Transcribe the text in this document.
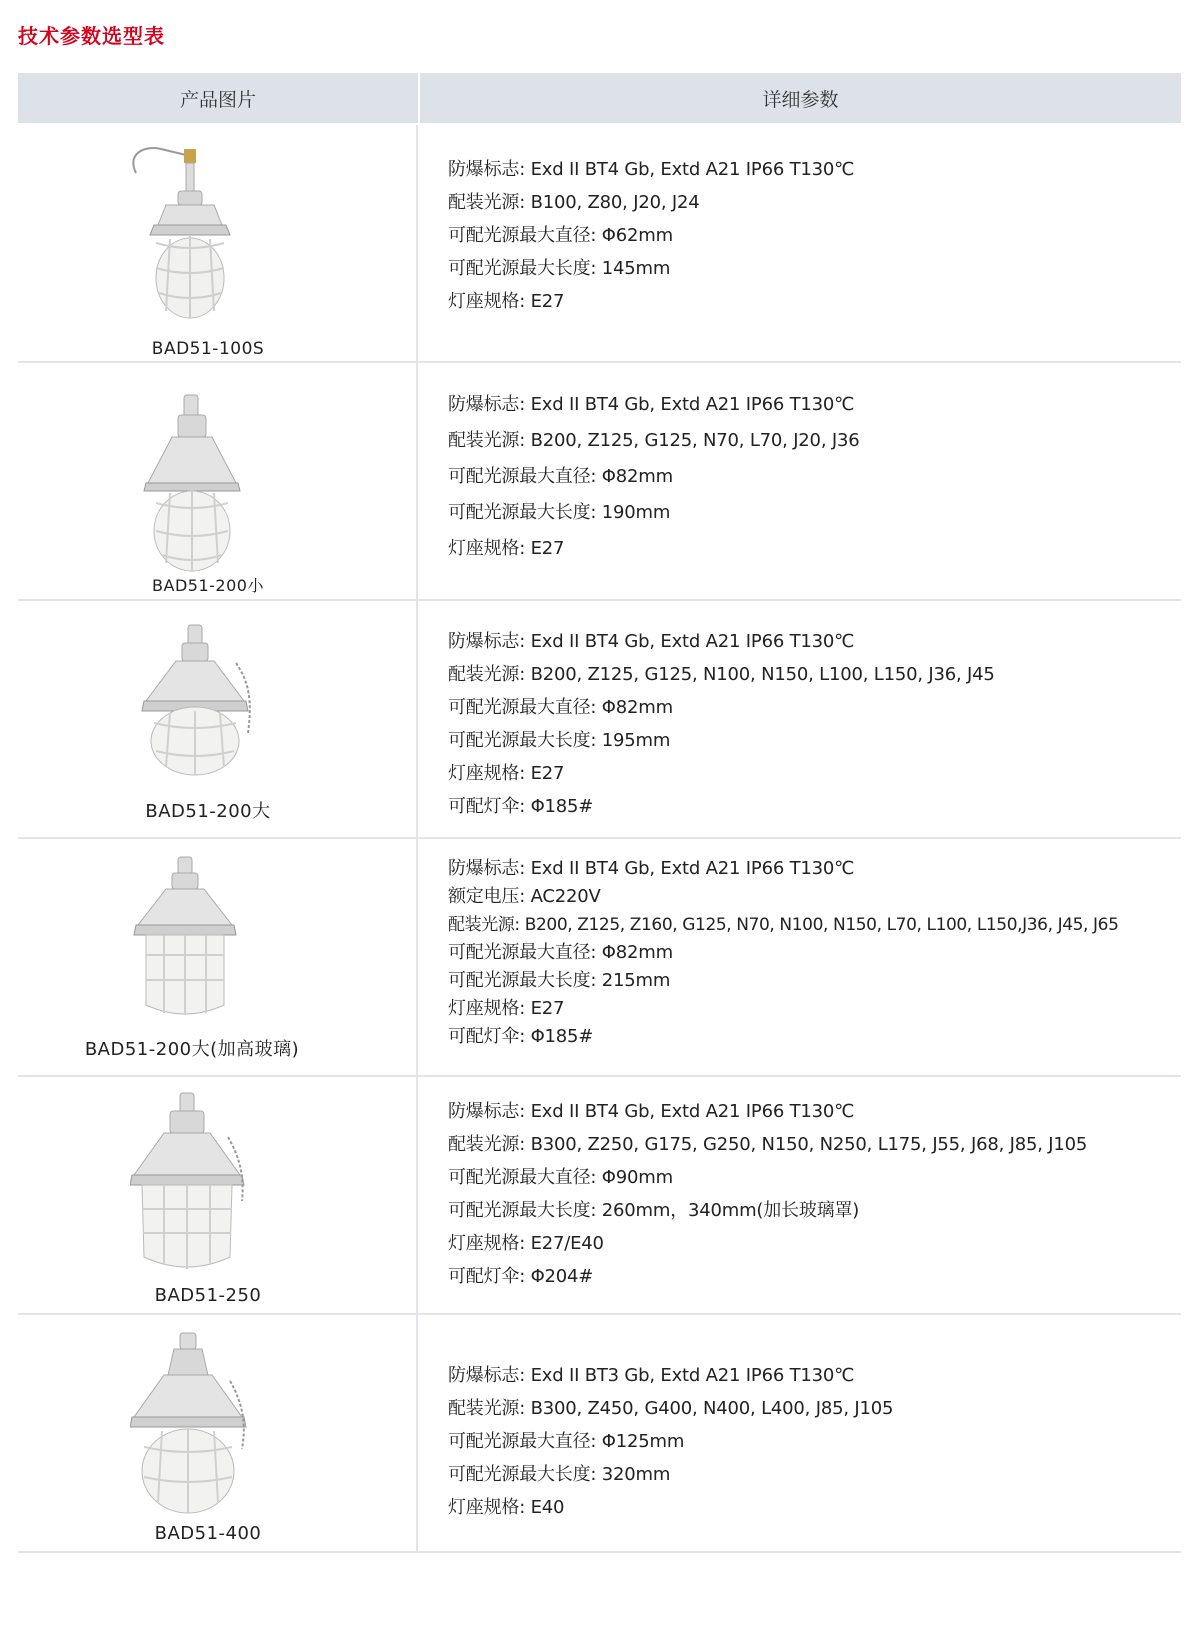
技术参数选型表
产品图片	详细参数
BAD51-100S
防爆标志: Exd II BT4 Gb, Extd A21 IP66 T130℃
配装光源: B100, Z80, J20, J24
可配光源最大直径: Φ62mm
可配光源最大长度: 145mm
灯座规格: E27
BAD51-200小
防爆标志: Exd II BT4 Gb, Extd A21 IP66 T130℃
配装光源: B200, Z125, G125, N70, L70, J20, J36
可配光源最大直径: Φ82mm
可配光源最大长度: 190mm
灯座规格: E27
BAD51-200大
防爆标志: Exd II BT4 Gb, Extd A21 IP66 T130℃
配装光源: B200, Z125, G125, N100, N150, L100, L150, J36, J45
可配光源最大直径: Φ82mm
可配光源最大长度: 195mm
灯座规格: E27
可配灯伞: Φ185#
BAD51-200大(加高玻璃)
防爆标志: Exd II BT4 Gb, Extd A21 IP66 T130℃
额定电压: AC220V
配装光源: B200, Z125, Z160, G125, N70, N100, N150, L70, L100, L150,J36, J45, J65
可配光源最大直径: Φ82mm
可配光源最大长度: 215mm
灯座规格: E27
可配灯伞: Φ185#
BAD51-250
防爆标志: Exd II BT4 Gb, Extd A21 IP66 T130℃
配装光源: B300, Z250, G175, G250, N150, N250, L175, J55, J68, J85, J105
可配光源最大直径: Φ90mm
可配光源最大长度: 260mm，340mm(加长玻璃罩)
灯座规格: E27/E40
可配灯伞: Φ204#
BAD51-400
防爆标志: Exd II BT3 Gb, Extd A21 IP66 T130℃
配装光源: B300, Z450, G400, N400, L400, J85, J105
可配光源最大直径: Φ125mm
可配光源最大长度: 320mm
灯座规格: E40
